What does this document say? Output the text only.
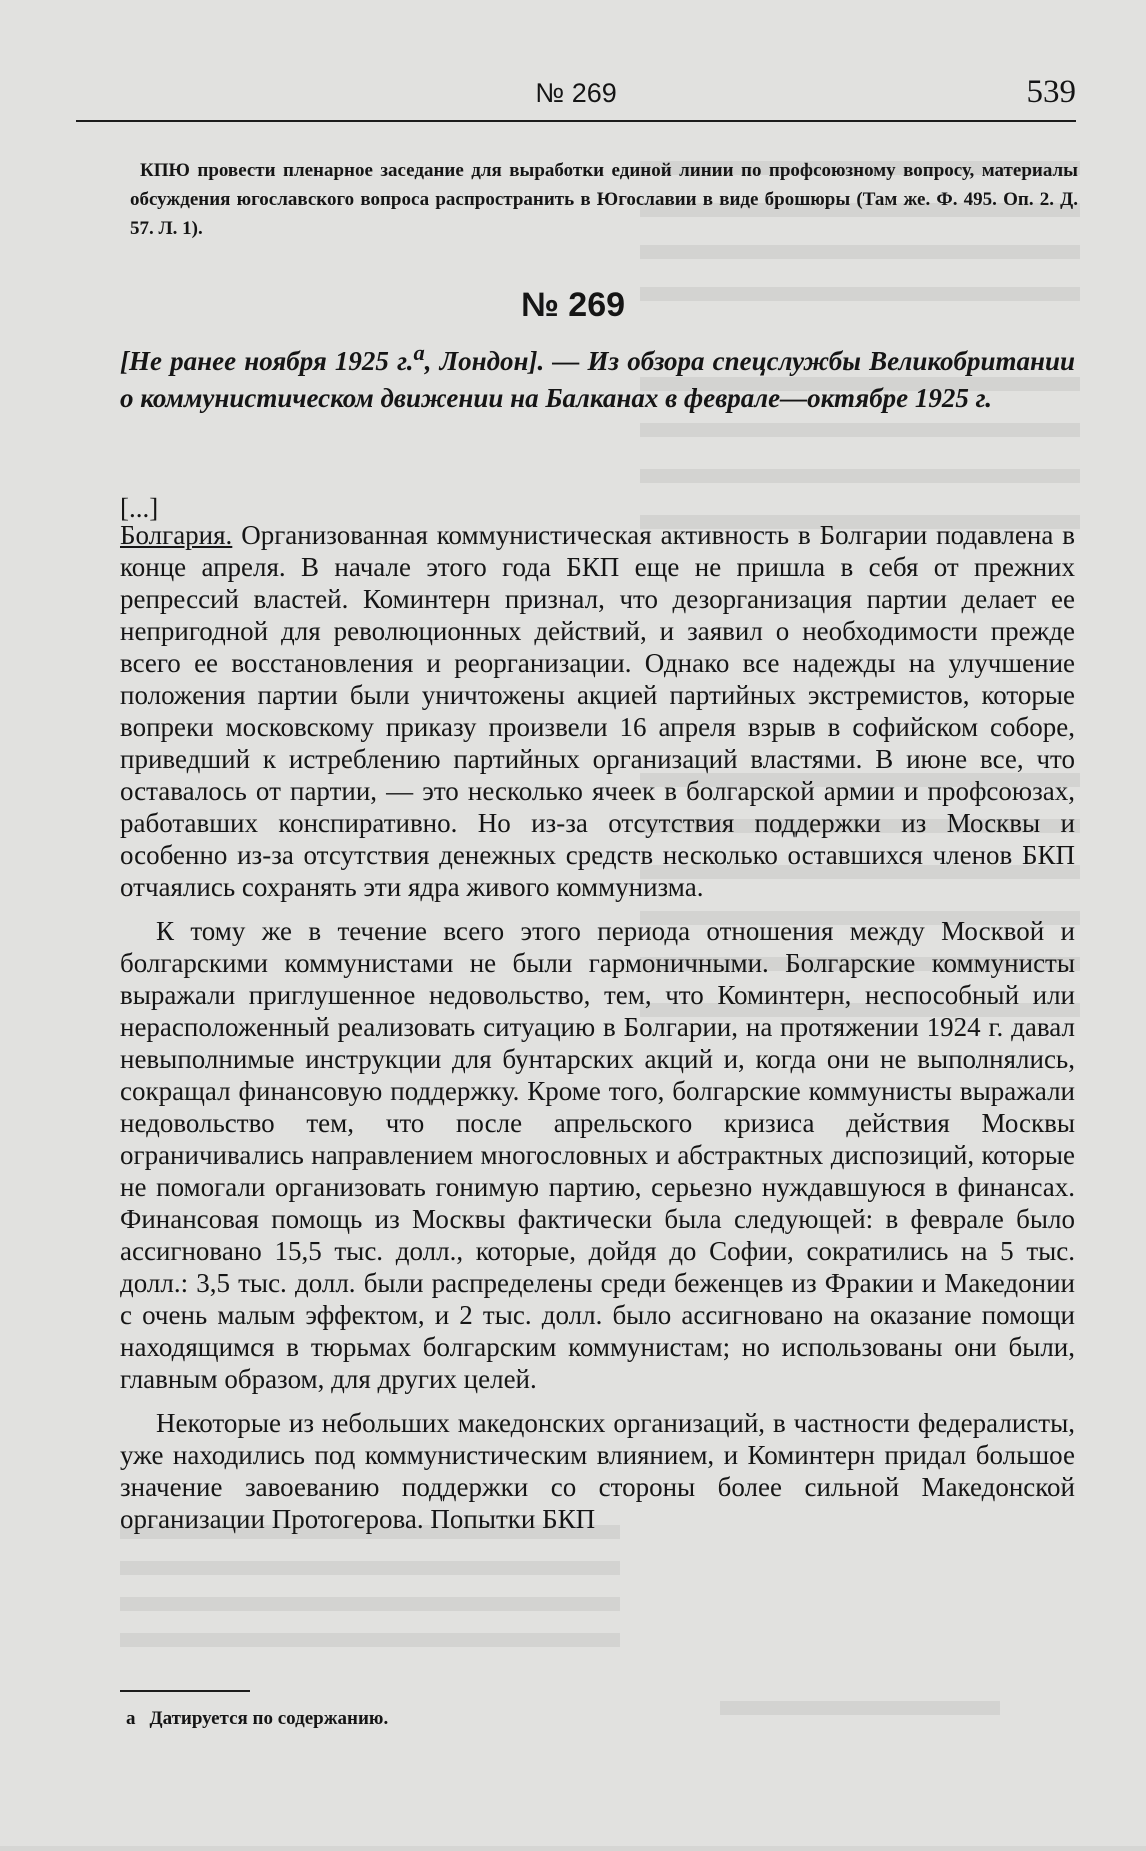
№ 269	539
КПЮ провести пленарное заседание для выработки единой линии по профсоюзному вопросу, материалы обсуждения югославского вопроса распространить в Югославии в виде брошюры (Там же. Ф. 495. Оп. 2. Д. 57. Л. 1).
№ 269
[Не ранее ноября 1925 г.$^а$, Лондон]. — Из обзора спецслужбы Великобритании о коммунистическом движении на Балканах в феврале—октябре 1925 г.
[...]

Болгария. Организованная коммунистическая активность в Болгарии подавлена в конце апреля. В начале этого года БКП еще не пришла в себя от прежних репрессий властей. Коминтерн признал, что дезорганизация партии делает ее непригодной для революционных действий, и заявил о необходимости прежде всего ее восстановления и реорганизации. Однако все надежды на улучшение положения партии были уничтожены акцией партийных экстремистов, которые вопреки московскому приказу произвели 16 апреля взрыв в софийском соборе, приведший к истреблению партийных организаций властями. В июне все, что оставалось от партии, — это несколько ячеек в болгарской армии и профсоюзах, работавших конспиративно. Но из-за отсутствия поддержки из Москвы и особенно из-за отсутствия денежных средств несколько оставшихся членов БКП отчаялись сохранять эти ядра живого коммунизма.

К тому же в течение всего этого периода отношения между Москвой и болгарскими коммунистами не были гармоничными. Болгарские коммунисты выражали приглушенное недовольство, тем, что Коминтерн, неспособный или нерасположенный реализовать ситуацию в Болгарии, на протяжении 1924 г. давал невыполнимые инструкции для бунтарских акций и, когда они не выполнялись, сокращал финансовую поддержку. Кроме того, болгарские коммунисты выражали недовольство тем, что после апрельского кризиса действия Москвы ограничивались направлением многословных и абстрактных диспозиций, которые не помогали организовать гонимую партию, серьезно нуждавшуюся в финансах. Финансовая помощь из Москвы фактически была следующей: в феврале было ассигновано 15,5 тыс. долл., которые, дойдя до Софии, сократились на 5 тыс. долл.: 3,5 тыс. долл. были распределены среди беженцев из Фракии и Македонии с очень малым эффектом, и 2 тыс. долл. было ассигновано на оказание помощи находящимся в тюрьмах болгарским коммунистам; но использованы они были, главным образом, для других целей.

Некоторые из небольших македонских организаций, в частности федералисты, уже находились под коммунистическим влиянием, и Коминтерн придал большое значение завоеванию поддержки со стороны более сильной Македонской организации Протогерова. Попытки БКП

а Датируется по содержанию.
